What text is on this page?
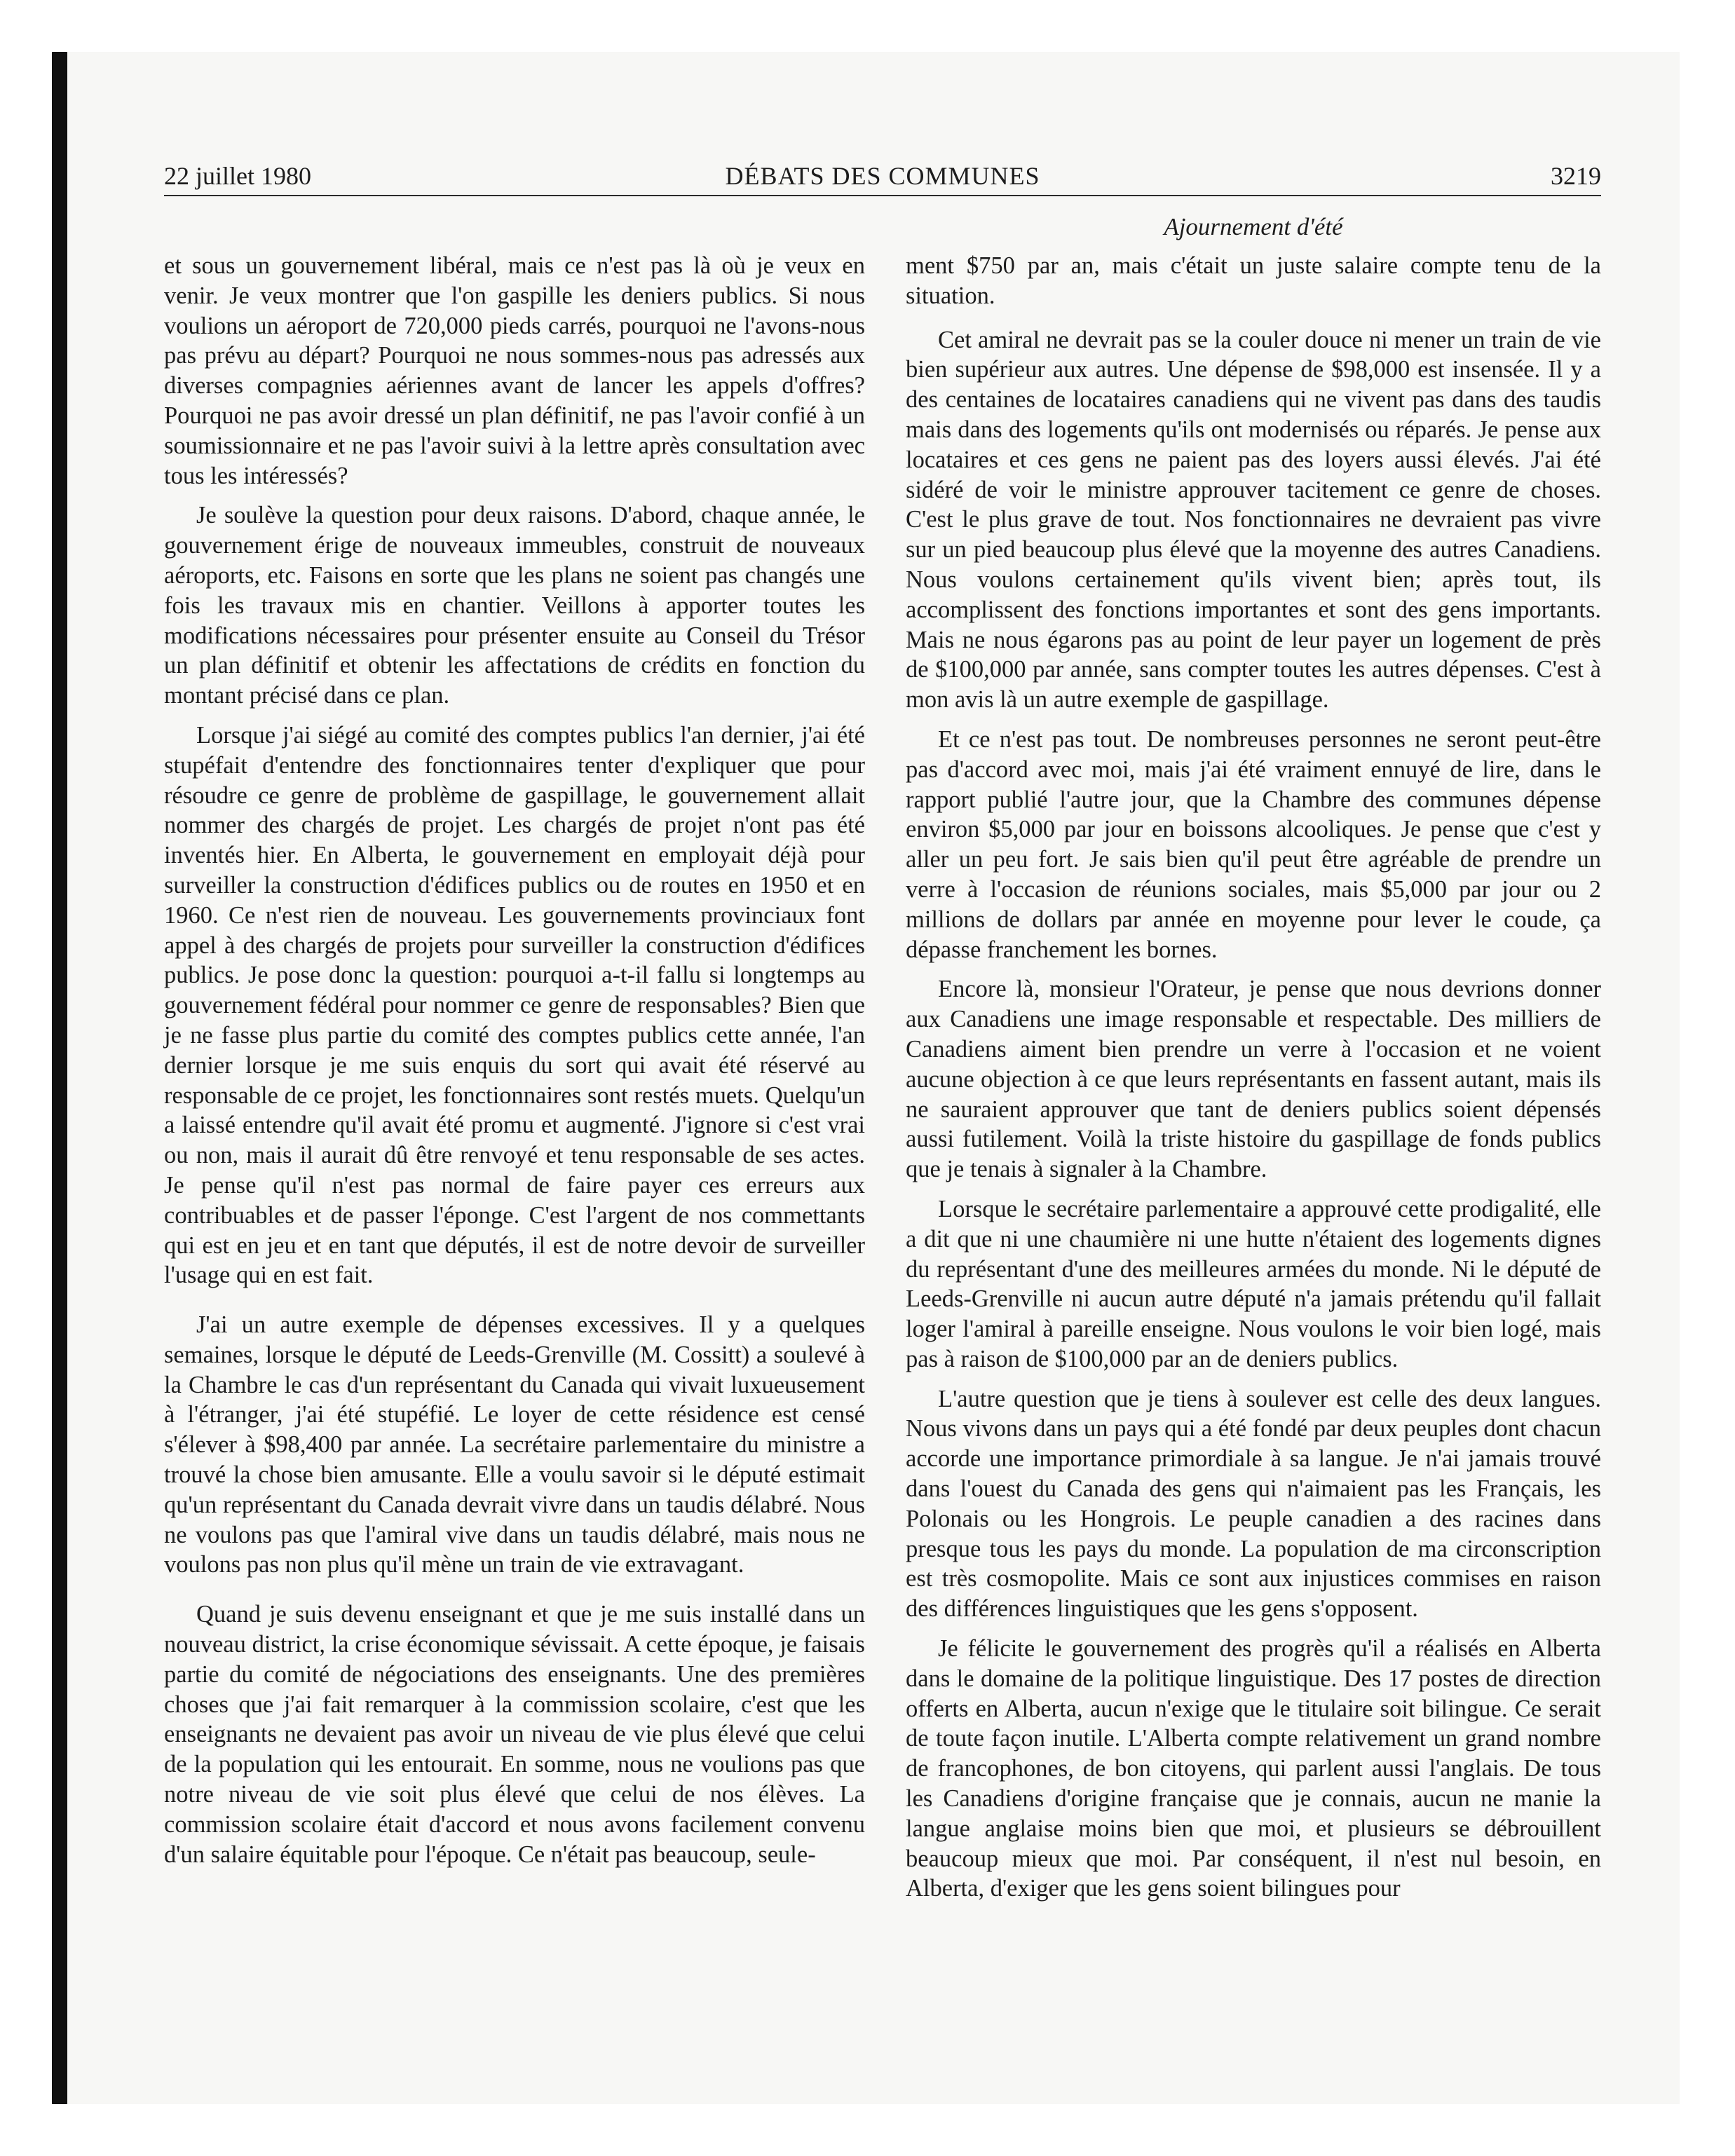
22 juillet 1980	DÉBATS DES COMMUNES	3219
Ajournement d'été

et sous un gouvernement libéral, mais ce n'est pas là où je veux en venir. Je veux montrer que l'on gaspille les deniers publics. Si nous voulions un aéroport de 720,000 pieds carrés, pourquoi ne l'avons-nous pas prévu au départ? Pourquoi ne nous sommes-nous pas adressés aux diverses compagnies aériennes avant de lancer les appels d'offres? Pourquoi ne pas avoir dressé un plan définitif, ne pas l'avoir confié à un soumissionnaire et ne pas l'avoir suivi à la lettre après consultation avec tous les intéressés?

Je soulève la question pour deux raisons. D'abord, chaque année, le gouvernement érige de nouveaux immeubles, construit de nouveaux aéroports, etc. Faisons en sorte que les plans ne soient pas changés une fois les travaux mis en chantier. Veillons à apporter toutes les modifications nécessaires pour présenter ensuite au Conseil du Trésor un plan définitif et obtenir les affectations de crédits en fonction du montant précisé dans ce plan.

Lorsque j'ai siégé au comité des comptes publics l'an dernier, j'ai été stupéfait d'entendre des fonctionnaires tenter d'expliquer que pour résoudre ce genre de problème de gaspillage, le gouvernement allait nommer des chargés de projet. Les chargés de projet n'ont pas été inventés hier. En Alberta, le gouvernement en employait déjà pour surveiller la construction d'édifices publics ou de routes en 1950 et en 1960. Ce n'est rien de nouveau. Les gouvernements provinciaux font appel à des chargés de projets pour surveiller la construction d'édifices publics. Je pose donc la question: pourquoi a-t-il fallu si longtemps au gouvernement fédéral pour nommer ce genre de responsables? Bien que je ne fasse plus partie du comité des comptes publics cette année, l'an dernier lorsque je me suis enquis du sort qui avait été réservé au responsable de ce projet, les fonctionnaires sont restés muets. Quelqu'un a laissé entendre qu'il avait été promu et augmenté. J'ignore si c'est vrai ou non, mais il aurait dû être renvoyé et tenu responsable de ses actes. Je pense qu'il n'est pas normal de faire payer ces erreurs aux contribuables et de passer l'éponge. C'est l'argent de nos commettants qui est en jeu et en tant que députés, il est de notre devoir de surveiller l'usage qui en est fait.

J'ai un autre exemple de dépenses excessives. Il y a quelques semaines, lorsque le député de Leeds-Grenville (M. Cossitt) a soulevé à la Chambre le cas d'un représentant du Canada qui vivait luxueusement à l'étranger, j'ai été stupéfié. Le loyer de cette résidence est censé s'élever à $98,400 par année. La secrétaire parlementaire du ministre a trouvé la chose bien amusante. Elle a voulu savoir si le député estimait qu'un représentant du Canada devrait vivre dans un taudis délabré. Nous ne voulons pas que l'amiral vive dans un taudis délabré, mais nous ne voulons pas non plus qu'il mène un train de vie extravagant.

Quand je suis devenu enseignant et que je me suis installé dans un nouveau district, la crise économique sévissait. A cette époque, je faisais partie du comité de négociations des enseignants. Une des premières choses que j'ai fait remarquer à la commission scolaire, c'est que les enseignants ne devaient pas avoir un niveau de vie plus élevé que celui de la population qui les entourait. En somme, nous ne voulions pas que notre niveau de vie soit plus élevé que celui de nos élèves. La commission scolaire était d'accord et nous avons facilement convenu d'un salaire équitable pour l'époque. Ce n'était pas beaucoup, seule-

ment $750 par an, mais c'était un juste salaire compte tenu de la situation.

Cet amiral ne devrait pas se la couler douce ni mener un train de vie bien supérieur aux autres. Une dépense de $98,000 est insensée. Il y a des centaines de locataires canadiens qui ne vivent pas dans des taudis mais dans des logements qu'ils ont modernisés ou réparés. Je pense aux locataires et ces gens ne paient pas des loyers aussi élevés. J'ai été sidéré de voir le ministre approuver tacitement ce genre de choses. C'est le plus grave de tout. Nos fonctionnaires ne devraient pas vivre sur un pied beaucoup plus élevé que la moyenne des autres Canadiens. Nous voulons certainement qu'ils vivent bien; après tout, ils accomplissent des fonctions importantes et sont des gens importants. Mais ne nous égarons pas au point de leur payer un logement de près de $100,000 par année, sans compter toutes les autres dépenses. C'est à mon avis là un autre exemple de gaspillage.

Et ce n'est pas tout. De nombreuses personnes ne seront peut-être pas d'accord avec moi, mais j'ai été vraiment ennuyé de lire, dans le rapport publié l'autre jour, que la Chambre des communes dépense environ $5,000 par jour en boissons alcooliques. Je pense que c'est y aller un peu fort. Je sais bien qu'il peut être agréable de prendre un verre à l'occasion de réunions sociales, mais $5,000 par jour ou 2 millions de dollars par année en moyenne pour lever le coude, ça dépasse franchement les bornes.

Encore là, monsieur l'Orateur, je pense que nous devrions donner aux Canadiens une image responsable et respectable. Des milliers de Canadiens aiment bien prendre un verre à l'occasion et ne voient aucune objection à ce que leurs représentants en fassent autant, mais ils ne sauraient approuver que tant de deniers publics soient dépensés aussi futilement. Voilà la triste histoire du gaspillage de fonds publics que je tenais à signaler à la Chambre.

Lorsque le secrétaire parlementaire a approuvé cette prodigalité, elle a dit que ni une chaumière ni une hutte n'étaient des logements dignes du représentant d'une des meilleures armées du monde. Ni le député de Leeds-Grenville ni aucun autre député n'a jamais prétendu qu'il fallait loger l'amiral à pareille enseigne. Nous voulons le voir bien logé, mais pas à raison de $100,000 par an de deniers publics.

L'autre question que je tiens à soulever est celle des deux langues. Nous vivons dans un pays qui a été fondé par deux peuples dont chacun accorde une importance primordiale à sa langue. Je n'ai jamais trouvé dans l'ouest du Canada des gens qui n'aimaient pas les Français, les Polonais ou les Hongrois. Le peuple canadien a des racines dans presque tous les pays du monde. La population de ma circonscription est très cosmopolite. Mais ce sont aux injustices commises en raison des différences linguistiques que les gens s'opposent.

Je félicite le gouvernement des progrès qu'il a réalisés en Alberta dans le domaine de la politique linguistique. Des 17 postes de direction offerts en Alberta, aucun n'exige que le titulaire soit bilingue. Ce serait de toute façon inutile. L'Alberta compte relativement un grand nombre de francophones, de bon citoyens, qui parlent aussi l'anglais. De tous les Canadiens d'origine française que je connais, aucun ne manie la langue anglaise moins bien que moi, et plusieurs se débrouillent beaucoup mieux que moi. Par conséquent, il n'est nul besoin, en Alberta, d'exiger que les gens soient bilingues pour
